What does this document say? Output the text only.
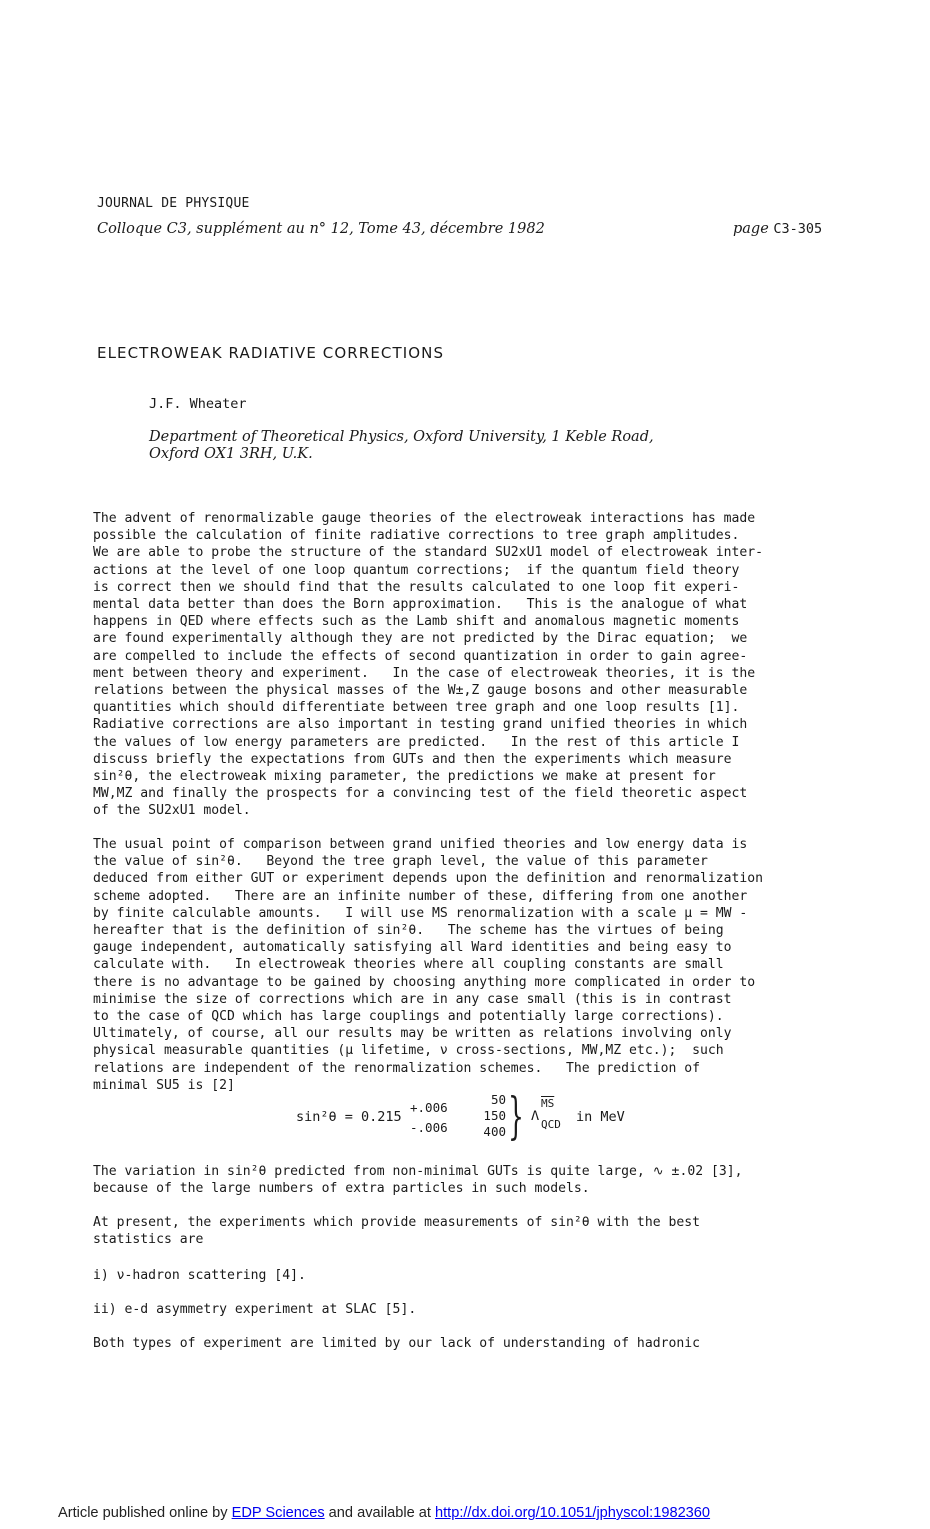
JOURNAL DE PHYSIQUE
Colloque C3, supplément au n° 12, Tome 43, décembre 1982	page C3-305
ELECTROWEAK RADIATIVE CORRECTIONS
J.F. Wheater
Department of Theoretical Physics, Oxford University, 1 Keble Road,
Oxford OX1 3RH, U.K.

The advent of renormalizable gauge theories of the electroweak interactions has made
possible the calculation of finite radiative corrections to tree graph amplitudes.
We are able to probe the structure of the standard SU2xU1 model of electroweak inter-
actions at the level of one loop quantum corrections;  if the quantum field theory
is correct then we should find that the results calculated to one loop fit experi-
mental data better than does the Born approximation.   This is the analogue of what
happens in QED where effects such as the Lamb shift and anomalous magnetic moments
are found experimentally although they are not predicted by the Dirac equation;  we
are compelled to include the effects of second quantization in order to gain agree-
ment between theory and experiment.   In the case of electroweak theories, it is the
relations between the physical masses of the W±,Z gauge bosons and other measurable
quantities which should differentiate between tree graph and one loop results [1].
Radiative corrections are also important in testing grand unified theories in which
the values of low energy parameters are predicted.   In the rest of this article I
discuss briefly the expectations from GUTs and then the experiments which measure
sin²θ, the electroweak mixing parameter, the predictions we make at present for
MW,MZ and finally the prospects for a convincing test of the field theoretic aspect
of the SU2xU1 model.

The usual point of comparison between grand unified theories and low energy data is
the value of sin²θ.   Beyond the tree graph level, the value of this parameter
deduced from either GUT or experiment depends upon the definition and renormalization
scheme adopted.   There are an infinite number of these, differing from one another
by finite calculable amounts.   I will use MS renormalization with a scale μ = MW -
hereafter that is the definition of sin²θ.   The scheme has the virtues of being
gauge independent, automatically satisfying all Ward identities and being easy to
calculate with.   In electroweak theories where all coupling constants are small
there is no advantage to be gained by choosing anything more complicated in order to
minimise the size of corrections which are in any case small (this is in contrast
to the case of QCD which has large couplings and potentially large corrections).
Ultimately, of course, all our results may be written as relations involving only
physical measurable quantities (μ lifetime, ν cross-sections, MW,MZ etc.);  such
relations are independent of the renormalization schemes.   The prediction of
minimal SU5 is [2]

sin²θ = 0.215
+.006
-.006
50
150
400 } Λ
$\overline{MS}$
QCD in MeV

The variation in sin²θ predicted from non-minimal GUTs is quite large, ∿ ±.02 [3],
because of the large numbers of extra particles in such models.

At present, the experiments which provide measurements of sin²θ with the best
statistics are

i) ν-hadron scattering [4].

ii) e-d asymmetry experiment at SLAC [5].

Both types of experiment are limited by our lack of understanding of hadronic

Article published online by EDP Sciences and available at http://dx.doi.org/10.1051/jphyscol:1982360
